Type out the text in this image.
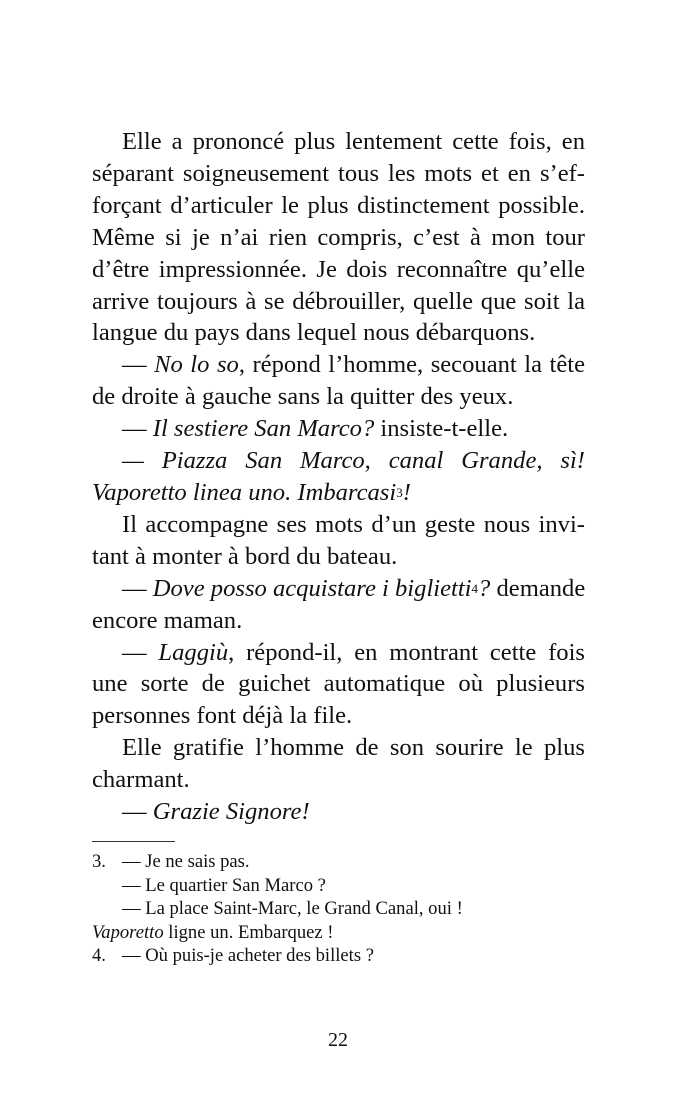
Elle a prononcé plus lentement cette fois, en
séparant soigneusement tous les mots et en s’ef-
forçant d’articuler le plus distinctement possible.
Même si je n’ai rien compris, c’est à mon tour
d’être impressionnée. Je dois reconnaître qu’elle
arrive toujours à se débrouiller, quelle que soit la
langue du pays dans lequel nous débarquons.
— No lo so, répond l’homme, secouant la tête
de droite à gauche sans la quitter des yeux.
— Il sestiere San Marco? insiste-t-elle.
— Piazza San Marco, canal Grande, sì!
Vaporetto linea uno. Imbarcasi$^3$!
Il accompagne ses mots d’un geste nous invi-
tant à monter à bord du bateau.
— Dove posso acquistare i biglietti$^4$? demande
encore maman.
— Laggiù, répond-il, en montrant cette fois
une sorte de guichet automatique où plusieurs
personnes font déjà la file.
Elle gratifie l’homme de son sourire le plus
charmant.
— Grazie Signore!
3. — Je ne sais pas.
— Le quartier San Marco ?
— La place Saint-Marc, le Grand Canal, oui !
Vaporetto ligne un. Embarquez !
4. — Où puis-je acheter des billets ?
22
